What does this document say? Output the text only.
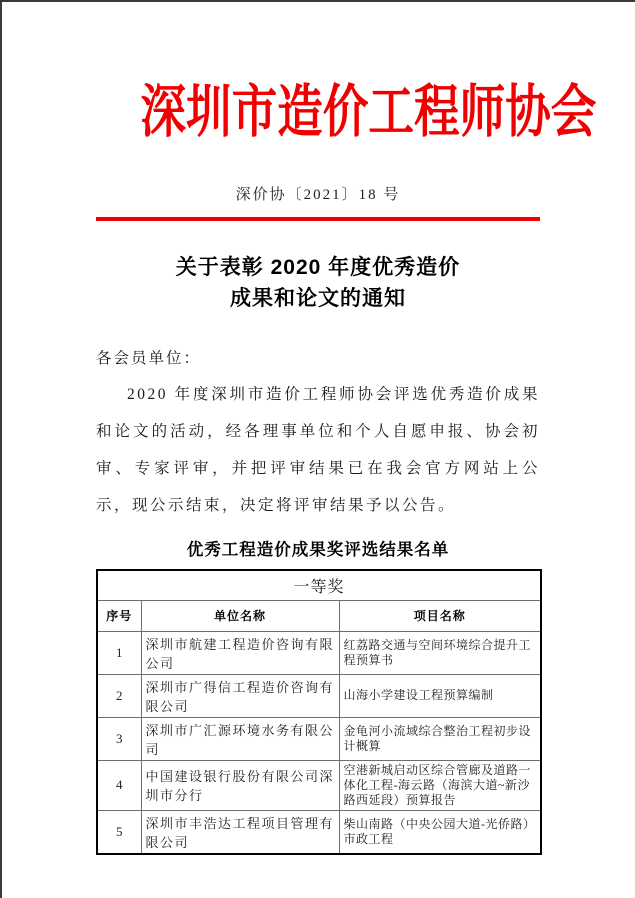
深圳市造价工程师协会
深价协〔2021〕18 号
关于表彰 2020 年度优秀造价
成果和论文的通知
各会员单位：
2020 年度深圳市造价工程师协会评选优秀造价成果和论文的活动，经各理事单位和个人自愿申报、协会初审、专家评审，并把评审结果已在我会官方网站上公示，现公示结束，决定将评审结果予以公告。
优秀工程造价成果奖评选结果名单
一等奖		
序号	单位名称	项目名称
1	深圳市航建工程造价咨询有限公司	红荔路交通与空间环境综合提升工程预算书
2	深圳市广得信工程造价咨询有限公司	山海小学建设工程预算编制
3	深圳市广汇源环境水务有限公司	金龟河小流域综合整治工程初步设计概算
4	中国建设银行股份有限公司深圳市分行	空港新城启动区综合管廊及道路一体化工程-海云路（海滨大道~新沙路西延段）预算报告
5	深圳市丰浩达工程项目管理有限公司	柴山南路（中央公园大道-光侨路）市政工程
